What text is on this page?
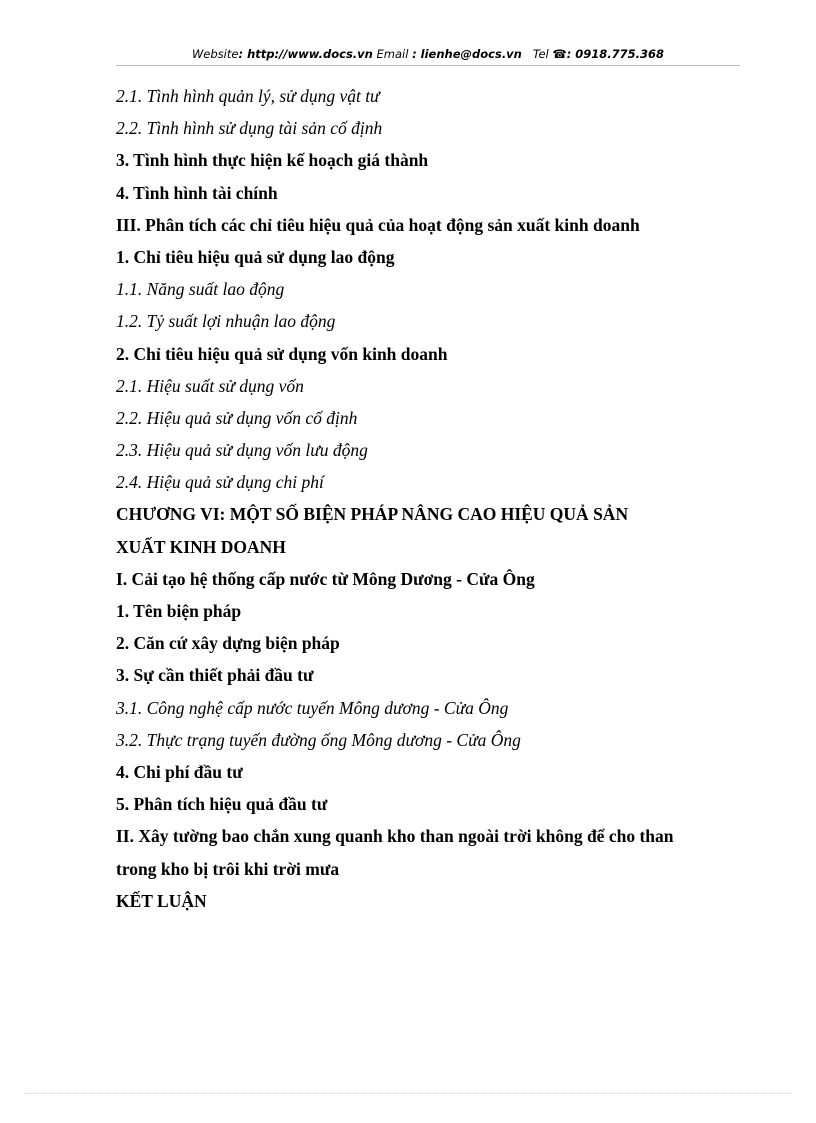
Website: http://www.docs.vn Email : lienhe@docs.vn Tel ☎: 0918.775.368
2.1. Tình hình quản lý, sử dụng vật tư
2.2. Tình hình sử dụng tài sản cố định
3. Tình hình thực hiện kế hoạch giá thành
4. Tình hình tài chính
III. Phân tích các chỉ tiêu hiệu quả của hoạt động sản xuất kinh doanh
1. Chỉ tiêu hiệu quả sử dụng lao động
1.1. Năng suất lao động
1.2. Tỷ suất lợi nhuận lao động
2. Chỉ tiêu hiệu quả sử dụng vốn kinh doanh
2.1. Hiệu suất sử dụng vốn
2.2. Hiệu quả sử dụng vốn cố định
2.3. Hiệu quả sử dụng vốn lưu động
2.4. Hiệu quả sử dụng chi phí
CHƯƠNG VI: MỘT SỐ BIỆN PHÁP NÂNG CAO HIỆU QUẢ SẢN
XUẤT KINH DOANH
I. Cải tạo hệ thống cấp nước từ Mông Dương - Cửa Ông
1. Tên biện pháp
2. Căn cứ xây dựng biện pháp
3. Sự cần thiết phải đầu tư
3.1. Công nghệ cấp nước tuyến Mông dương - Cửa Ông
3.2. Thực trạng tuyến đường ống Mông dương - Cửa Ông
4. Chi phí đầu tư
5. Phân tích hiệu quả đầu tư
II. Xây tường bao chắn xung quanh kho than ngoài trời không để cho than
trong kho bị trôi khi trời mưa
KẾT LUẬN
